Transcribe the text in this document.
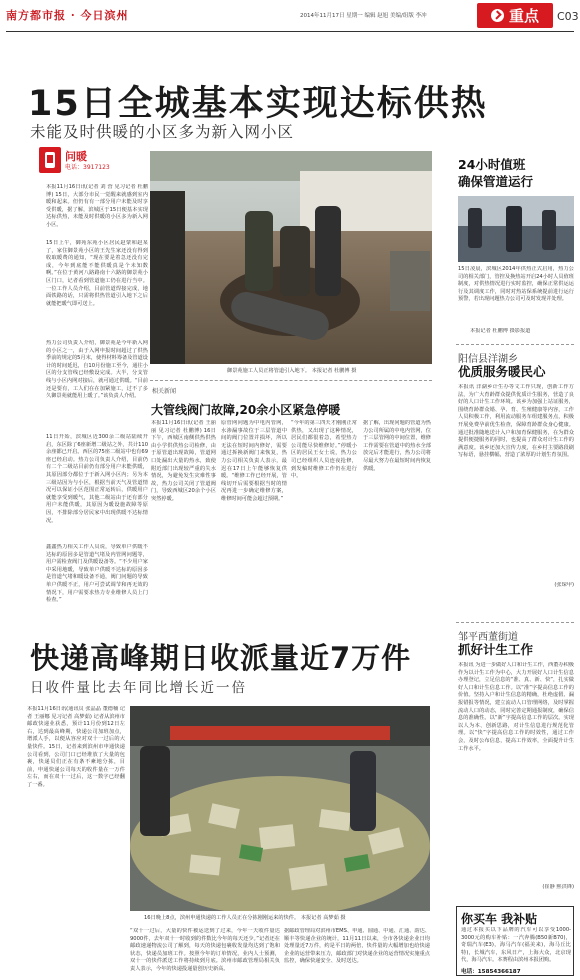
南方都市报 · 今日滨州	2014年11月17日 星期一 编辑 赵旭 美编/组版 李冲	重点 C03
15日全城基本实现达标供热
未能及时供暖的小区多为新入网小区
问暖
电话：3917123
本报11月16日讯(记者 刘 营 见习记者 杜鹏博) 15日，大部分市民一觉醒来就感到室内暖和起来。但仍有有一部分用户未能及时享受供暖，据了解，滨城区于15日便基本实现达标供热，未能及时供暖的小区多为新入网小区。
15日上午，御苑东苑小区居民赵蒙和赵某了，家住御景苑小区的王先生家还没有得到收取暖费的通知，“现在要是着急还没有完成，今年到底能不能供暖真是个未知数啊。”在位于黄河八路路南十六路的御景苑小区门口，记者看到管道施工仍在进行当中。一位工作人员介绍，目前管道焊接完成，地面铁路的话，只需将供热管道引入地下之后就能把暖气即可送上。
热力公司负责人介绍，御景苑是今年新入网的小区之一，由于入网申报时间超过了供热季前的规定的5月末，使得材料筹备及管道设计的时间延迟，自10月份施工至今，通往小区的分支管线已经敷设完成。大半，分支管线与小区内网对接后，就可通过供暖。“目前还是要有，工人们在在加紧施工，过不了多久御景苑就能用上暖了。”该负责人介绍。
11日开始，滨城区近300余二级站陆续开启，东区除了6座新增二级站之外，共计110余座都已开启。西区的75座二级站中也有69座已经启动。热力公司负责人介绍，目前仍有二个二级站目前仍有部分用户未能供暖，其原因部分都位于于新入网小区内；另为本三级站因为与小区，根据当前天气及管道情况可以保证小区范围正常运转后，供暖用户就能享受到暖气，其他二级站由于还有部分用户未能供暖，其原因为暖设施故障等原因，不排除部分居民家中出现供暖不达标情况。
鑫鑫热力相关工作人员说，导致单户供暖不达标的原因多是管道气堵及内管网问题等，用户需检查阀门及供暖设备等。“不少用户家中采用地暖，导致单户供暖不达标的原因多是管道气堵和暖设备不通，阀门问题的导致单户供暖不正，用户可尝试调节和再无效的情况下，用户需要求热力专业维修人员上门检查。”
御景苑施工人员正将管道引入地下。 本报记者 杜鹏博 摄
相关新闻
大管线阀门故障,20余小区紧急停暖
本报11月16日讯(记者 王丽丽 见习记者 杜鹏博) 16日下午，西城区南侧供热供热由小学供供热公司检修，由于原管道出现故障，管道网口处漏出大量的热水，致使附近部门出现较严重的失水情况，为避免发生灾难性事故，热力公司关闭了管道阀门，导致西城区20余个小区突然停暖。
原管网问题为中电内管网，水渗漏事故位于三层管道中间的阀门位置并损坏，所以无法在短时间内修好，需要通过拆换新阀门来恢复，热力公司相关负责人表示，最迟在17日上午能够恢复供暖。“维修工作已经开展，管线切开后需要根据当时的情况再进一步确定维修方案，维修时间可能会超过预期。”
“今年的第三四天才刚刚正常供热，又出现了这种情况，居民们都很着急，希望热力公司能尽快维修好。”停暖小区的居民王女士说，热力公司已经组织人员连夜抢修，到发稿时维修工作仍在进行中。
据了解，出现问题的管道为热力公司所属的中电内管网，位于三层管网的中间位置，维修工作需要在管道中的热水全部放完后才能进行，热力公司将尽最大努力在最短时间内恢复供暖。
24小时值班
确保管道运行
15日凌晨，滨城区2014年供热正式启用，热力公司的相关部门，管控及换热站开启24小时人员值班制度，对供热情况进行实时监控，确保正常供运运行及其调度工作，同时对热站保系统提前进行运行预警，若出现问题热力公司可及时发现并处理。
本报记者 杜鹏博 摄影报道
阳信县洋湖乡
优质服务暖民心
本报讯 洋湖乡计生办等文工作只现，创新工作方法，为广大育龄群众提供优质计生服务，营造了良好的人口计生工作环境。该乡为加强上站证服务，围绕育龄群众婚、孕、育、生殖健康等内容，工作人员积极工作，利用流动服务车组建服务点，积极开展免费孕前优生检查，保障育龄群众身心健康。通过批准随地送计入户和加育保健服务，在为群众提供便捷服务的同时，也提高了群众对计生工作的满意度。该乡还加大宣传力度，在乡村主要路段刷写标语，悬挂横幅，营造了浓厚的计划生育氛围。
(张琛甲)
邹平西董街道
抓好计生工作
本报讯 为进一步做好人口和计生工作，西董办积极作为以计生工作为中心，大力开展好人口计生信息办理登记，立足信息的“准、真、新、快”，扎实做好人口和计生信息工作。以“准”字提高信息工作的价值。坚持入户和计生信息的精确，杜绝虚假、漏报错报等情况，建立流动人口管理网络，及时掌握流动人口的动态，同时完善定期通报制度，确保信息的准确性。以“新”字提高信息工作的层次。实现以人为本、创新思路，对计生信息进行规范化管理。以“快”字提高信息工作的时效性，通过工作会，及时公布信息，提高工作效率，全面提升计生工作水平。
(崔静 熙洪锋)
快递高峰期日收派量近7万件
日收件量比去年同比增长近一倍
本报11月16日讯(通讯员 张晶晶 董德楠 记者 王丽娜 见习记者 高梦茹) 记者从滨州市邮政快递业获悉，预计11月份到12日左右，达到最高峰期，快递公司加班加点，增派人手，以便从容应对双十一过后的大量快件。15日，记者来到滨州市申通快递公司看到，公司门口已经堆放了大量的包裹，快递员们正在有条不紊地分拣，目前，申通快递公司每天的收件量在一万件左右，而在双十一过后，这一数字已经翻了一番。
16日晚上8点，滨州申通快递的工作人员正在分拣刚刚运来的快件。 本报记者 高梦茹 摄
“双十一过后，大量的快件被运送到了过来，今年一天收件量达9000件，去年双十一时收到的件数比今年的每天还少。”记者还在邮政速递物流公司了解到，每天的快递包裹收发量均达到了饱和状态，快递员加班工作。按照今年的订单情况，业内人士预测，双十一的快件派送工作将持续到月底。滨州市邮政管理局相关负责人表示，今年的快递投递量创历史新高。
据邮政管理局对滨州市EMS、申通、圆通、中通、汇通、韵达、顺丰等快递企业的统计，11月11日以来，全市各快递企业日均处理量近7万件，约是平日的两倍，快件量的大幅增加也给快递企业的运营带来压力，邮政部门对快递企业的运营情况实施重点监控，确保快递安全、及时送达。
你买车 我补贴
通过本报买以下品牌的汽车可以享受1000-3000元的购车补贴：一汽奔腾(B50新B70)，奇瑞汽车(E3)，海马汽车(福美来)，海马丘比特)，长城汽车，东风日产，上海大众，北京现代，海马汽车。本赛程由滨州本报团购。
电话：15854366187
